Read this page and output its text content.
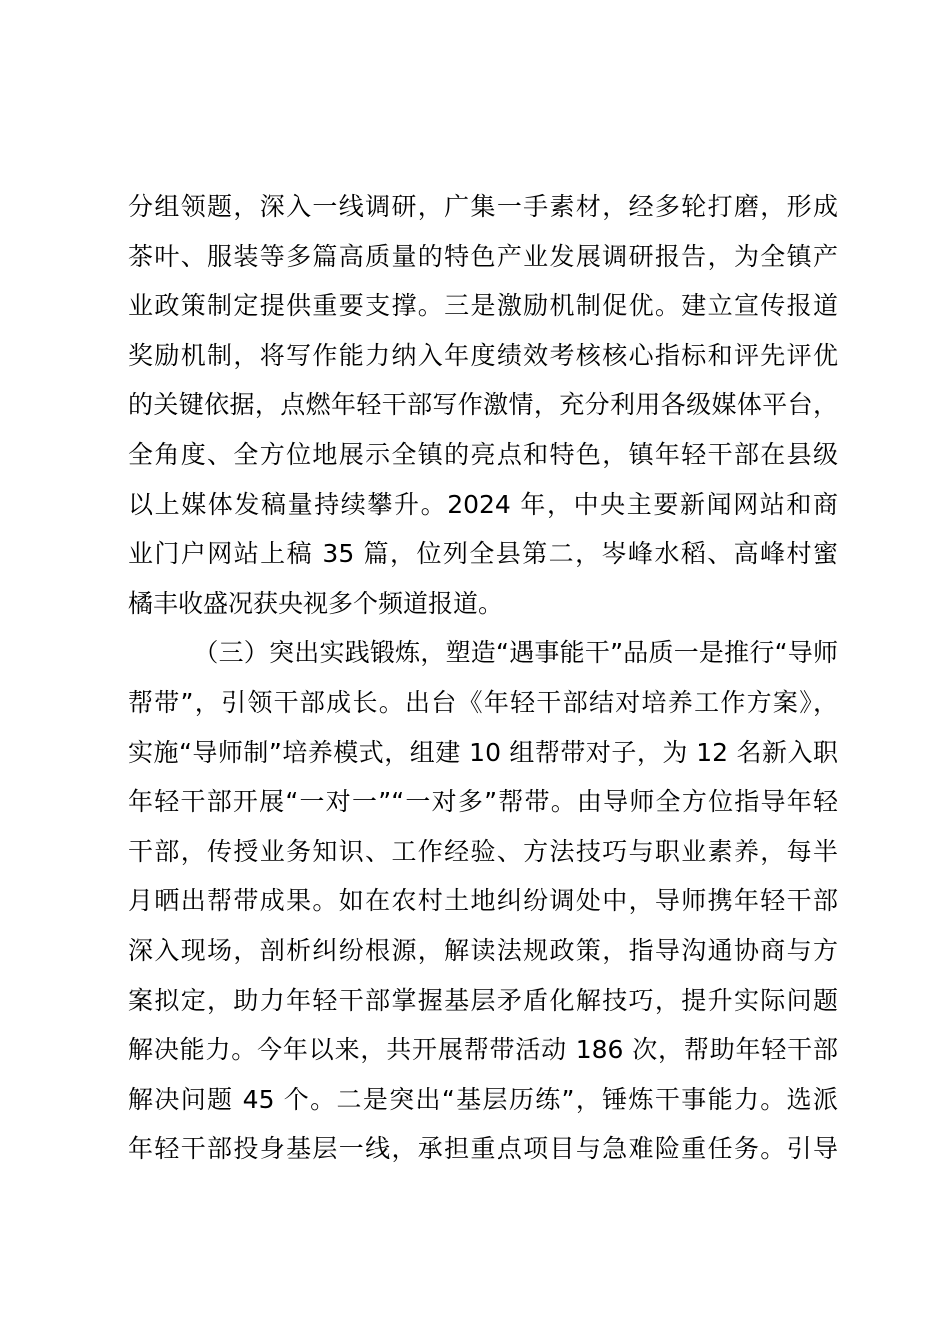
分组领题，深入一线调研，广集一手素材，经多轮打磨，形成
茶叶、服装等多篇高质量的特色产业发展调研报告，为全镇产
业政策制定提供重要支撑。三是激励机制促优。建立宣传报道
奖励机制，将写作能力纳入年度绩效考核核心指标和评先评优
的关键依据，点燃年轻干部写作激情，充分利用各级媒体平台，
全角度、全方位地展示全镇的亮点和特色，镇年轻干部在县级
以上媒体发稿量持续攀升。2024 年，中央主要新闻网站和商
业门户网站上稿 35 篇，位列全县第二，岑峰水稻、高峰村蜜
橘丰收盛况获央视多个频道报道。
（三）突出实践锻炼，塑造“遇事能干”品质一是推行“导师
帮带”，引领干部成长。出台《年轻干部结对培养工作方案》，
实施“导师制”培养模式，组建 10 组帮带对子，为 12 名新入职
年轻干部开展“一对一”“一对多”帮带。由导师全方位指导年轻
干部，传授业务知识、工作经验、方法技巧与职业素养，每半
月晒出帮带成果。如在农村土地纠纷调处中，导师携年轻干部
深入现场，剖析纠纷根源，解读法规政策，指导沟通协商与方
案拟定，助力年轻干部掌握基层矛盾化解技巧，提升实际问题
解决能力。今年以来，共开展帮带活动 186 次，帮助年轻干部
解决问题 45 个。二是突出“基层历练”，锤炼干事能力。选派
年轻干部投身基层一线，承担重点项目与急难险重任务。引导
